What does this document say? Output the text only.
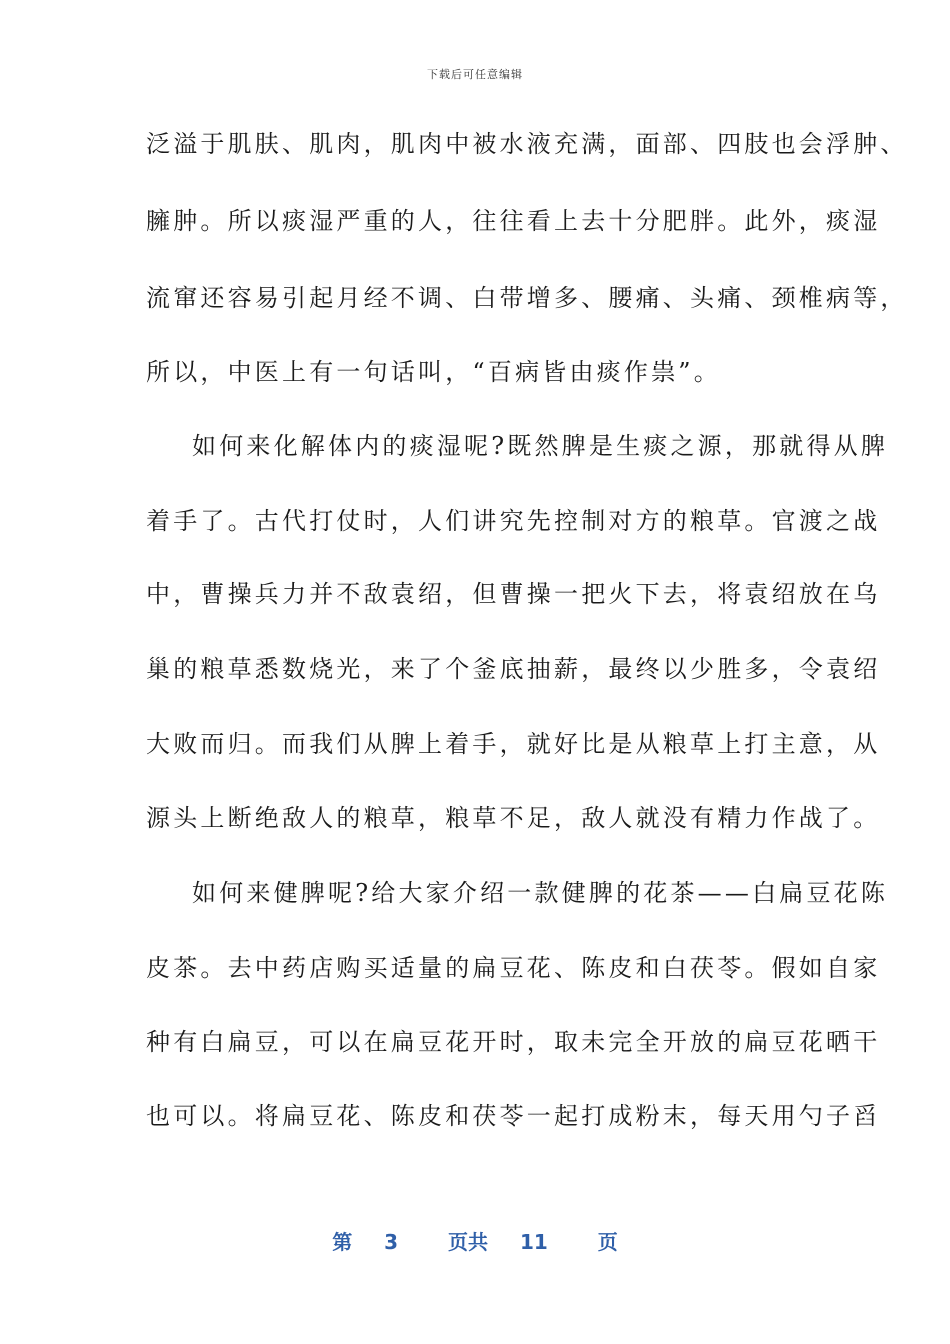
下载后可任意编辑
泛溢于肌肤、肌肉，肌肉中被水液充满，面部、四肢也会浮肿、
臃肿。所以痰湿严重的人，往往看上去十分肥胖。此外，痰湿
流窜还容易引起月经不调、白带增多、腰痛、头痛、颈椎病等，
所以，中医上有一句话叫，“百病皆由痰作祟”。
如何来化解体内的痰湿呢?既然脾是生痰之源，那就得从脾
着手了。古代打仗时，人们讲究先控制对方的粮草。官渡之战
中，曹操兵力并不敌袁绍，但曹操一把火下去，将袁绍放在乌
巢的粮草悉数烧光，来了个釜底抽薪，最终以少胜多，令袁绍
大败而归。而我们从脾上着手，就好比是从粮草上打主意，从
源头上断绝敌人的粮草，粮草不足，敌人就没有精力作战了。
如何来健脾呢?给大家介绍一款健脾的花茶——白扁豆花陈
皮茶。去中药店购买适量的扁豆花、陈皮和白茯苓。假如自家
种有白扁豆，可以在扁豆花开时，取未完全开放的扁豆花晒干
也可以。将扁豆花、陈皮和茯苓一起打成粉末，每天用勺子舀
第 3 页共 11 页
